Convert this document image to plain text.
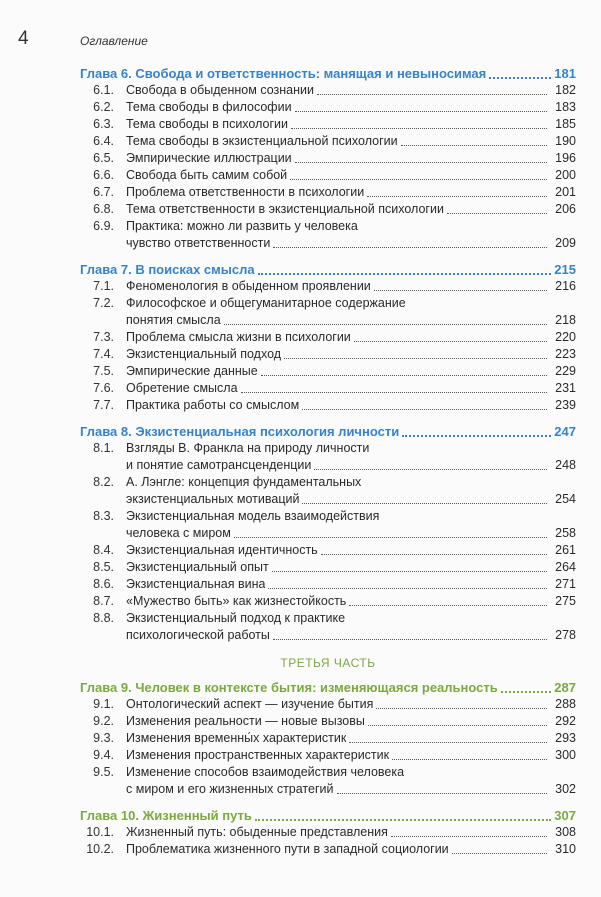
4	Оглавление
Глава 6. Свобода и ответственность: манящая и невыносимая	181
6.1. Свобода в обыденном сознании	182
6.2. Тема свободы в философии	183
6.3. Тема свободы в психологии	185
6.4. Тема свободы в экзистенциальной психологии	190
6.5. Эмпирические иллюстрации	196
6.6. Свобода быть самим собой	200
6.7. Проблема ответственности в психологии	201
6.8. Тема ответственности в экзистенциальной психологии	206
6.9. Практика: можно ли развить у человека
чувство ответственности	209
Глава 7. В поисках смысла	215
7.1. Феноменология в обыденном проявлении	216
7.2. Философское и общегуманитарное содержание
понятия смысла	218
7.3. Проблема смысла жизни в психологии	220
7.4. Экзистенциальный подход	223
7.5. Эмпирические данные	229
7.6. Обретение смысла	231
7.7. Практика работы со смыслом	239
Глава 8. Экзистенциальная психология личности	247
8.1. Взгляды В. Франкла на природу личности
и понятие самотрансценденции	248
8.2. А. Лэнгле: концепция фундаментальных
экзистенциальных мотиваций	254
8.3. Экзистенциальная модель взаимодействия
человека с миром	258
8.4. Экзистенциальная идентичность	261
8.5. Экзистенциальный опыт	264
8.6. Экзистенциальная вина	271
8.7. «Мужество быть» как жизнестойкость	275
8.8. Экзистенциальный подход к практике
психологической работы	278
ТРЕТЬЯ ЧАСТЬ
Глава 9. Человек в контексте бытия: изменяющаяся реальность	287
9.1. Онтологический аспект — изучение бытия	288
9.2. Изменения реальности — новые вызовы	292
9.3. Изменения временны́х характеристик	293
9.4. Изменения пространственных характеристик	300
9.5. Изменение способов взаимодействия человека
с миром и его жизненных стратегий	302
Глава 10. Жизненный путь	307
10.1. Жизненный путь: обыденные представления	308
10.2. Проблематика жизненного пути в западной социологии	310
